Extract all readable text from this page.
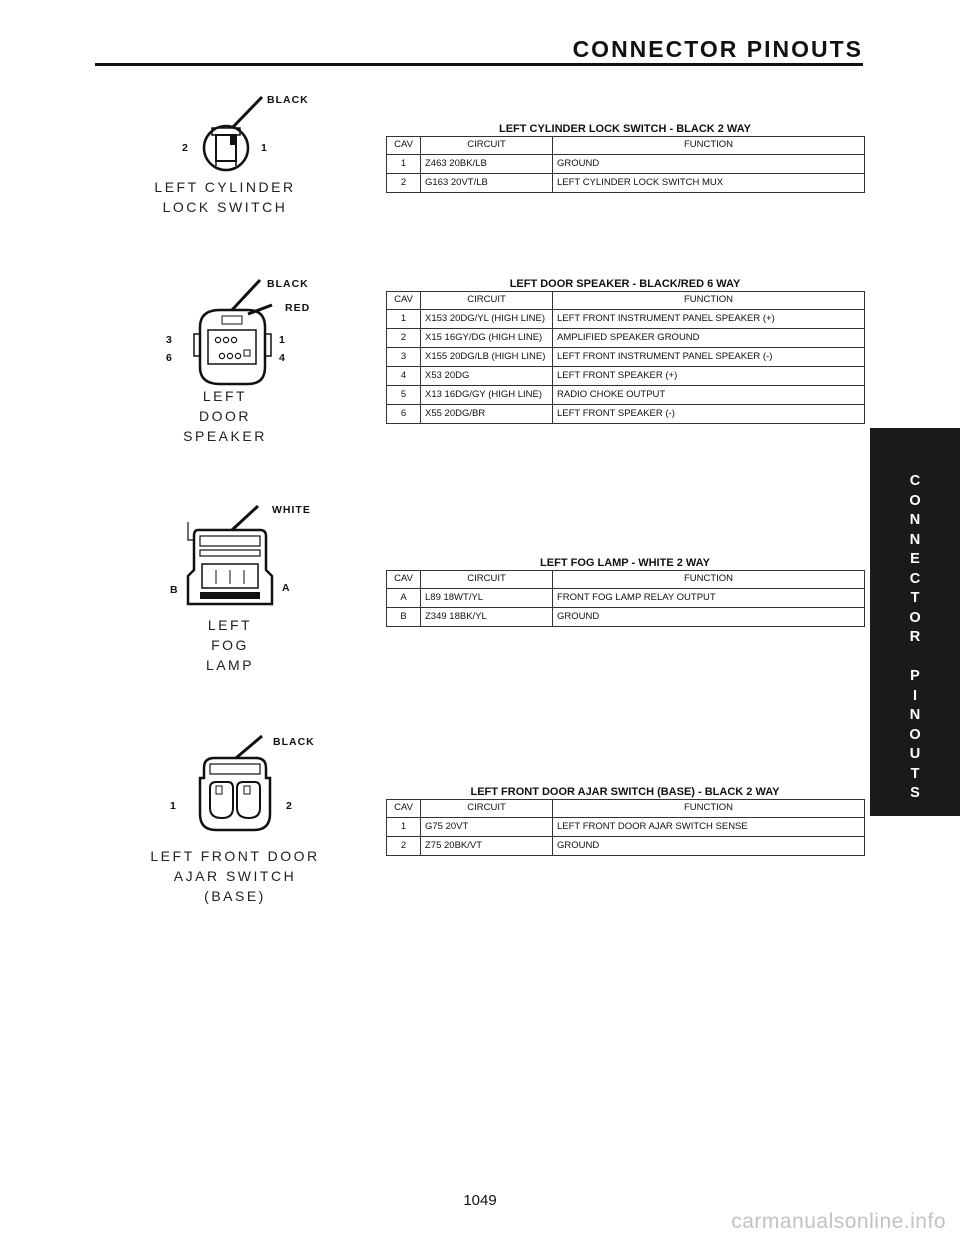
CONNECTOR PINOUTS
C
O
N
N
E
C
T
O
R

P
I
N
O
U
T
S
BLACK
2	1
LEFT CYLINDER
LOCK SWITCH
LEFT CYLINDER LOCK SWITCH - BLACK 2 WAY
CAV	CIRCUIT	FUNCTION
1	Z463 20BK/LB	GROUND
2	G163 20VT/LB	LEFT CYLINDER LOCK SWITCH MUX
BLACK
RED
3
6
1
4
LEFT
DOOR
SPEAKER
LEFT DOOR SPEAKER - BLACK/RED 6 WAY
CAV	CIRCUIT	FUNCTION
1	X153 20DG/YL (HIGH LINE)	LEFT FRONT INSTRUMENT PANEL SPEAKER (+)
2	X15 16GY/DG (HIGH LINE)	AMPLIFIED SPEAKER GROUND
3	X155 20DG/LB (HIGH LINE)	LEFT FRONT INSTRUMENT PANEL SPEAKER (-)
4	X53 20DG	LEFT FRONT SPEAKER (+)
5	X13 16DG/GY (HIGH LINE)	RADIO CHOKE OUTPUT
6	X55 20DG/BR	LEFT FRONT SPEAKER (-)
WHITE
B	A
LEFT
FOG
LAMP
LEFT FOG LAMP - WHITE 2 WAY
CAV	CIRCUIT	FUNCTION
A	L89 18WT/YL	FRONT FOG LAMP RELAY OUTPUT
B	Z349 18BK/YL	GROUND
BLACK
1	2
LEFT FRONT DOOR
AJAR SWITCH
(BASE)
LEFT FRONT DOOR AJAR SWITCH (BASE) - BLACK 2 WAY
CAV	CIRCUIT	FUNCTION
1	G75 20VT	LEFT FRONT DOOR AJAR SWITCH SENSE
2	Z75 20BK/VT	GROUND
1049
carmanualsonline.info
